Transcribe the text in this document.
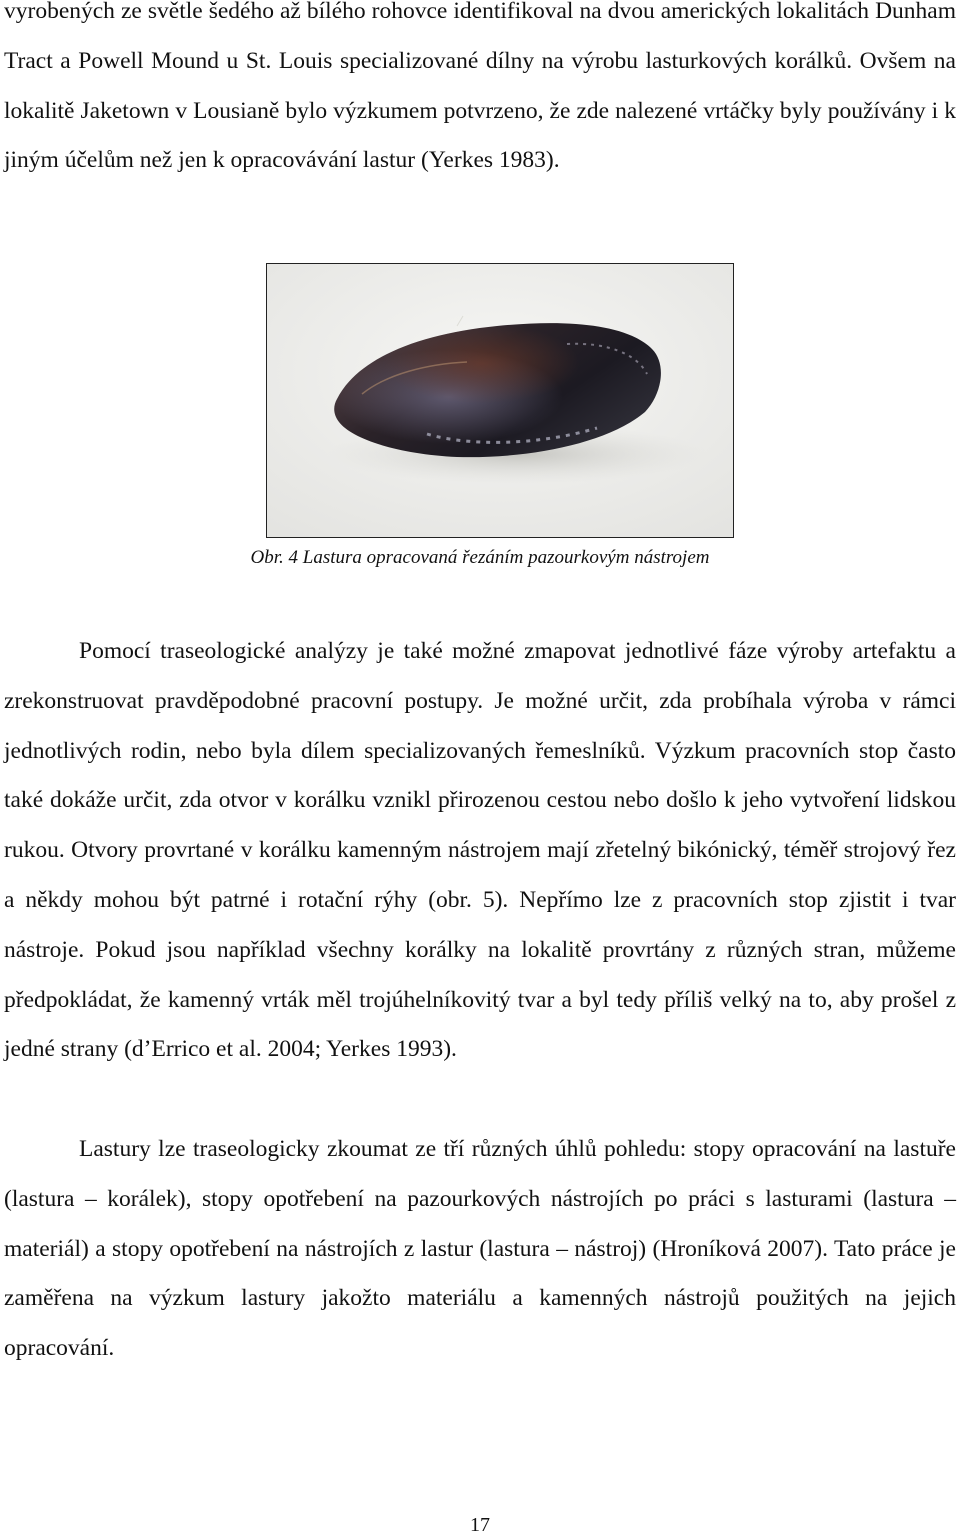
vyrobených ze světle šedého až bílého rohovce identifikoval na dvou amerických lokalitách Dunham Tract a Powell Mound u St. Louis specializované dílny na výrobu lasturkových korálků. Ovšem na lokalitě Jaketown v Lousianě bylo výzkumem potvrzeno, že zde nalezené vrtáčky byly používány i k jiným účelům než jen k opracovávání lastur (Yerkes 1983).

Obr. 4 Lastura opracovaná řezáním pazourkovým nástrojem

Pomocí traseologické analýzy je také možné zmapovat jednotlivé fáze výroby artefaktu a zrekonstruovat pravděpodobné pracovní postupy. Je možné určit, zda probíhala výroba v rámci jednotlivých rodin, nebo byla dílem specializovaných řemeslníků. Výzkum pracovních stop často také dokáže určit, zda otvor v korálku vznikl přirozenou cestou nebo došlo k jeho vytvoření lidskou rukou. Otvory provrtané v korálku kamenným nástrojem mají zřetelný bikónický, téměř strojový řez a někdy mohou být patrné i rotační rýhy (obr. 5). Nepřímo lze z pracovních stop zjistit i tvar nástroje. Pokud jsou například všechny korálky na lokalitě provrtány z různých stran, můžeme předpokládat, že kamenný vrták měl trojúhelníkovitý tvar a byl tedy příliš velký na to, aby prošel z jedné strany (d’Errico et al. 2004; Yerkes 1993).

Lastury lze traseologicky zkoumat ze tří různých úhlů pohledu: stopy opracování na lastuře (lastura – korálek), stopy opotřebení na pazourkových nástrojích po práci s lasturami (lastura – materiál) a stopy opotřebení na nástrojích z lastur (lastura – nástroj) (Hroníková 2007). Tato práce je zaměřena na výzkum lastury jakožto materiálu a kamenných nástrojů použitých na jejich opracování.

17
